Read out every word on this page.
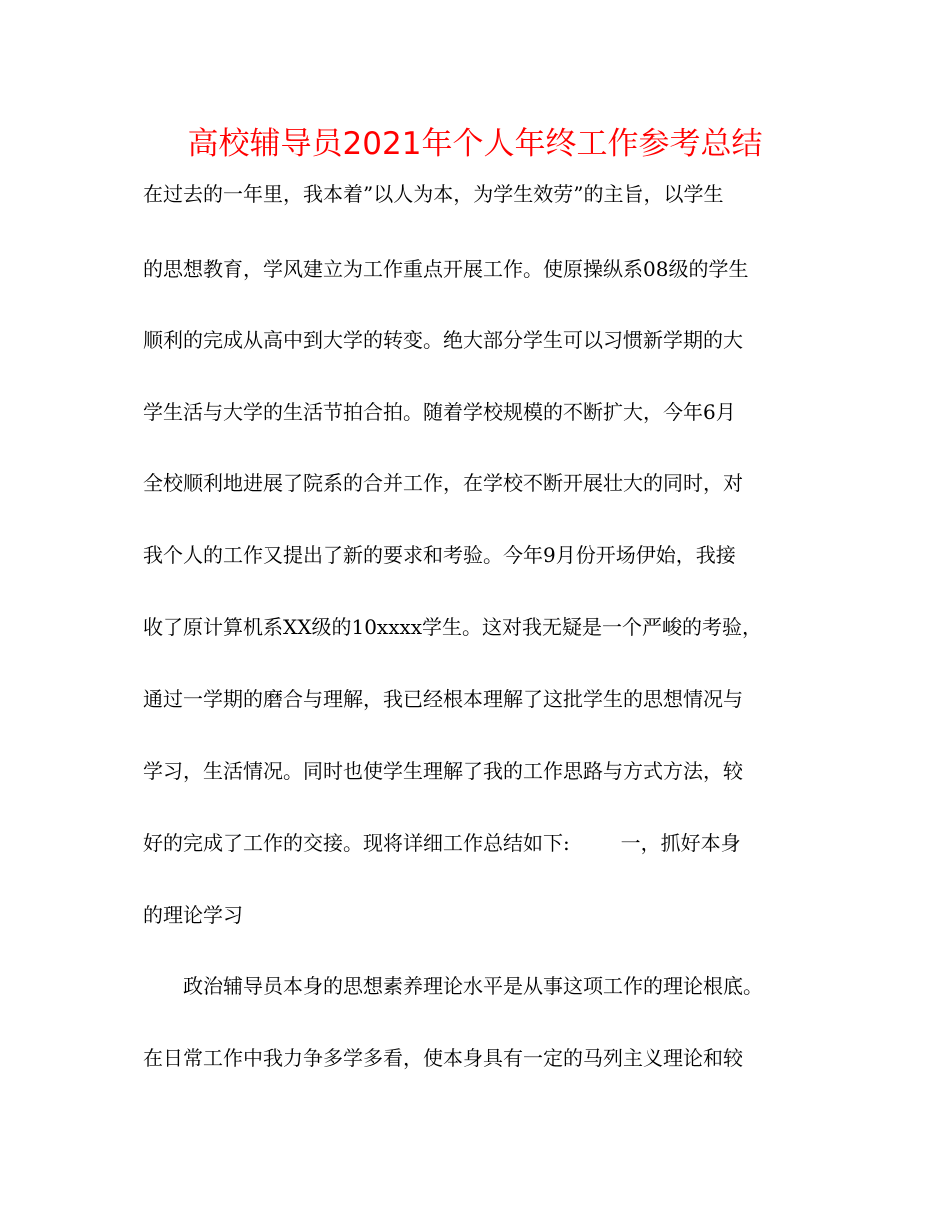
高校辅导员2021年个人年终工作参考总结
在过去的一年里，我本着”以人为本，为学生效劳”的主旨，以学生
的思想教育，学风建立为工作重点开展工作。使原操纵系08级的学生
顺利的完成从高中到大学的转变。绝大部分学生可以习惯新学期的大
学生活与大学的生活节拍合拍。随着学校规模的不断扩大，今年6月
全校顺利地进展了院系的合并工作，在学校不断开展壮大的同时，对
我个人的工作又提出了新的要求和考验。今年9月份开场伊始，我接
收了原计算机系XX级的10xxxx学生。这对我无疑是一个严峻的考验，
通过一学期的磨合与理解，我已经根本理解了这批学生的思想情况与
学习，生活情况。同时也使学生理解了我的工作思路与方式方法，较
好的完成了工作的交接。现将详细工作总结如下:        一，抓好本身
的理论学习
政治辅导员本身的思想素养理论水平是从事这项工作的理论根底。
在日常工作中我力争多学多看，使本身具有一定的马列主义理论和较
